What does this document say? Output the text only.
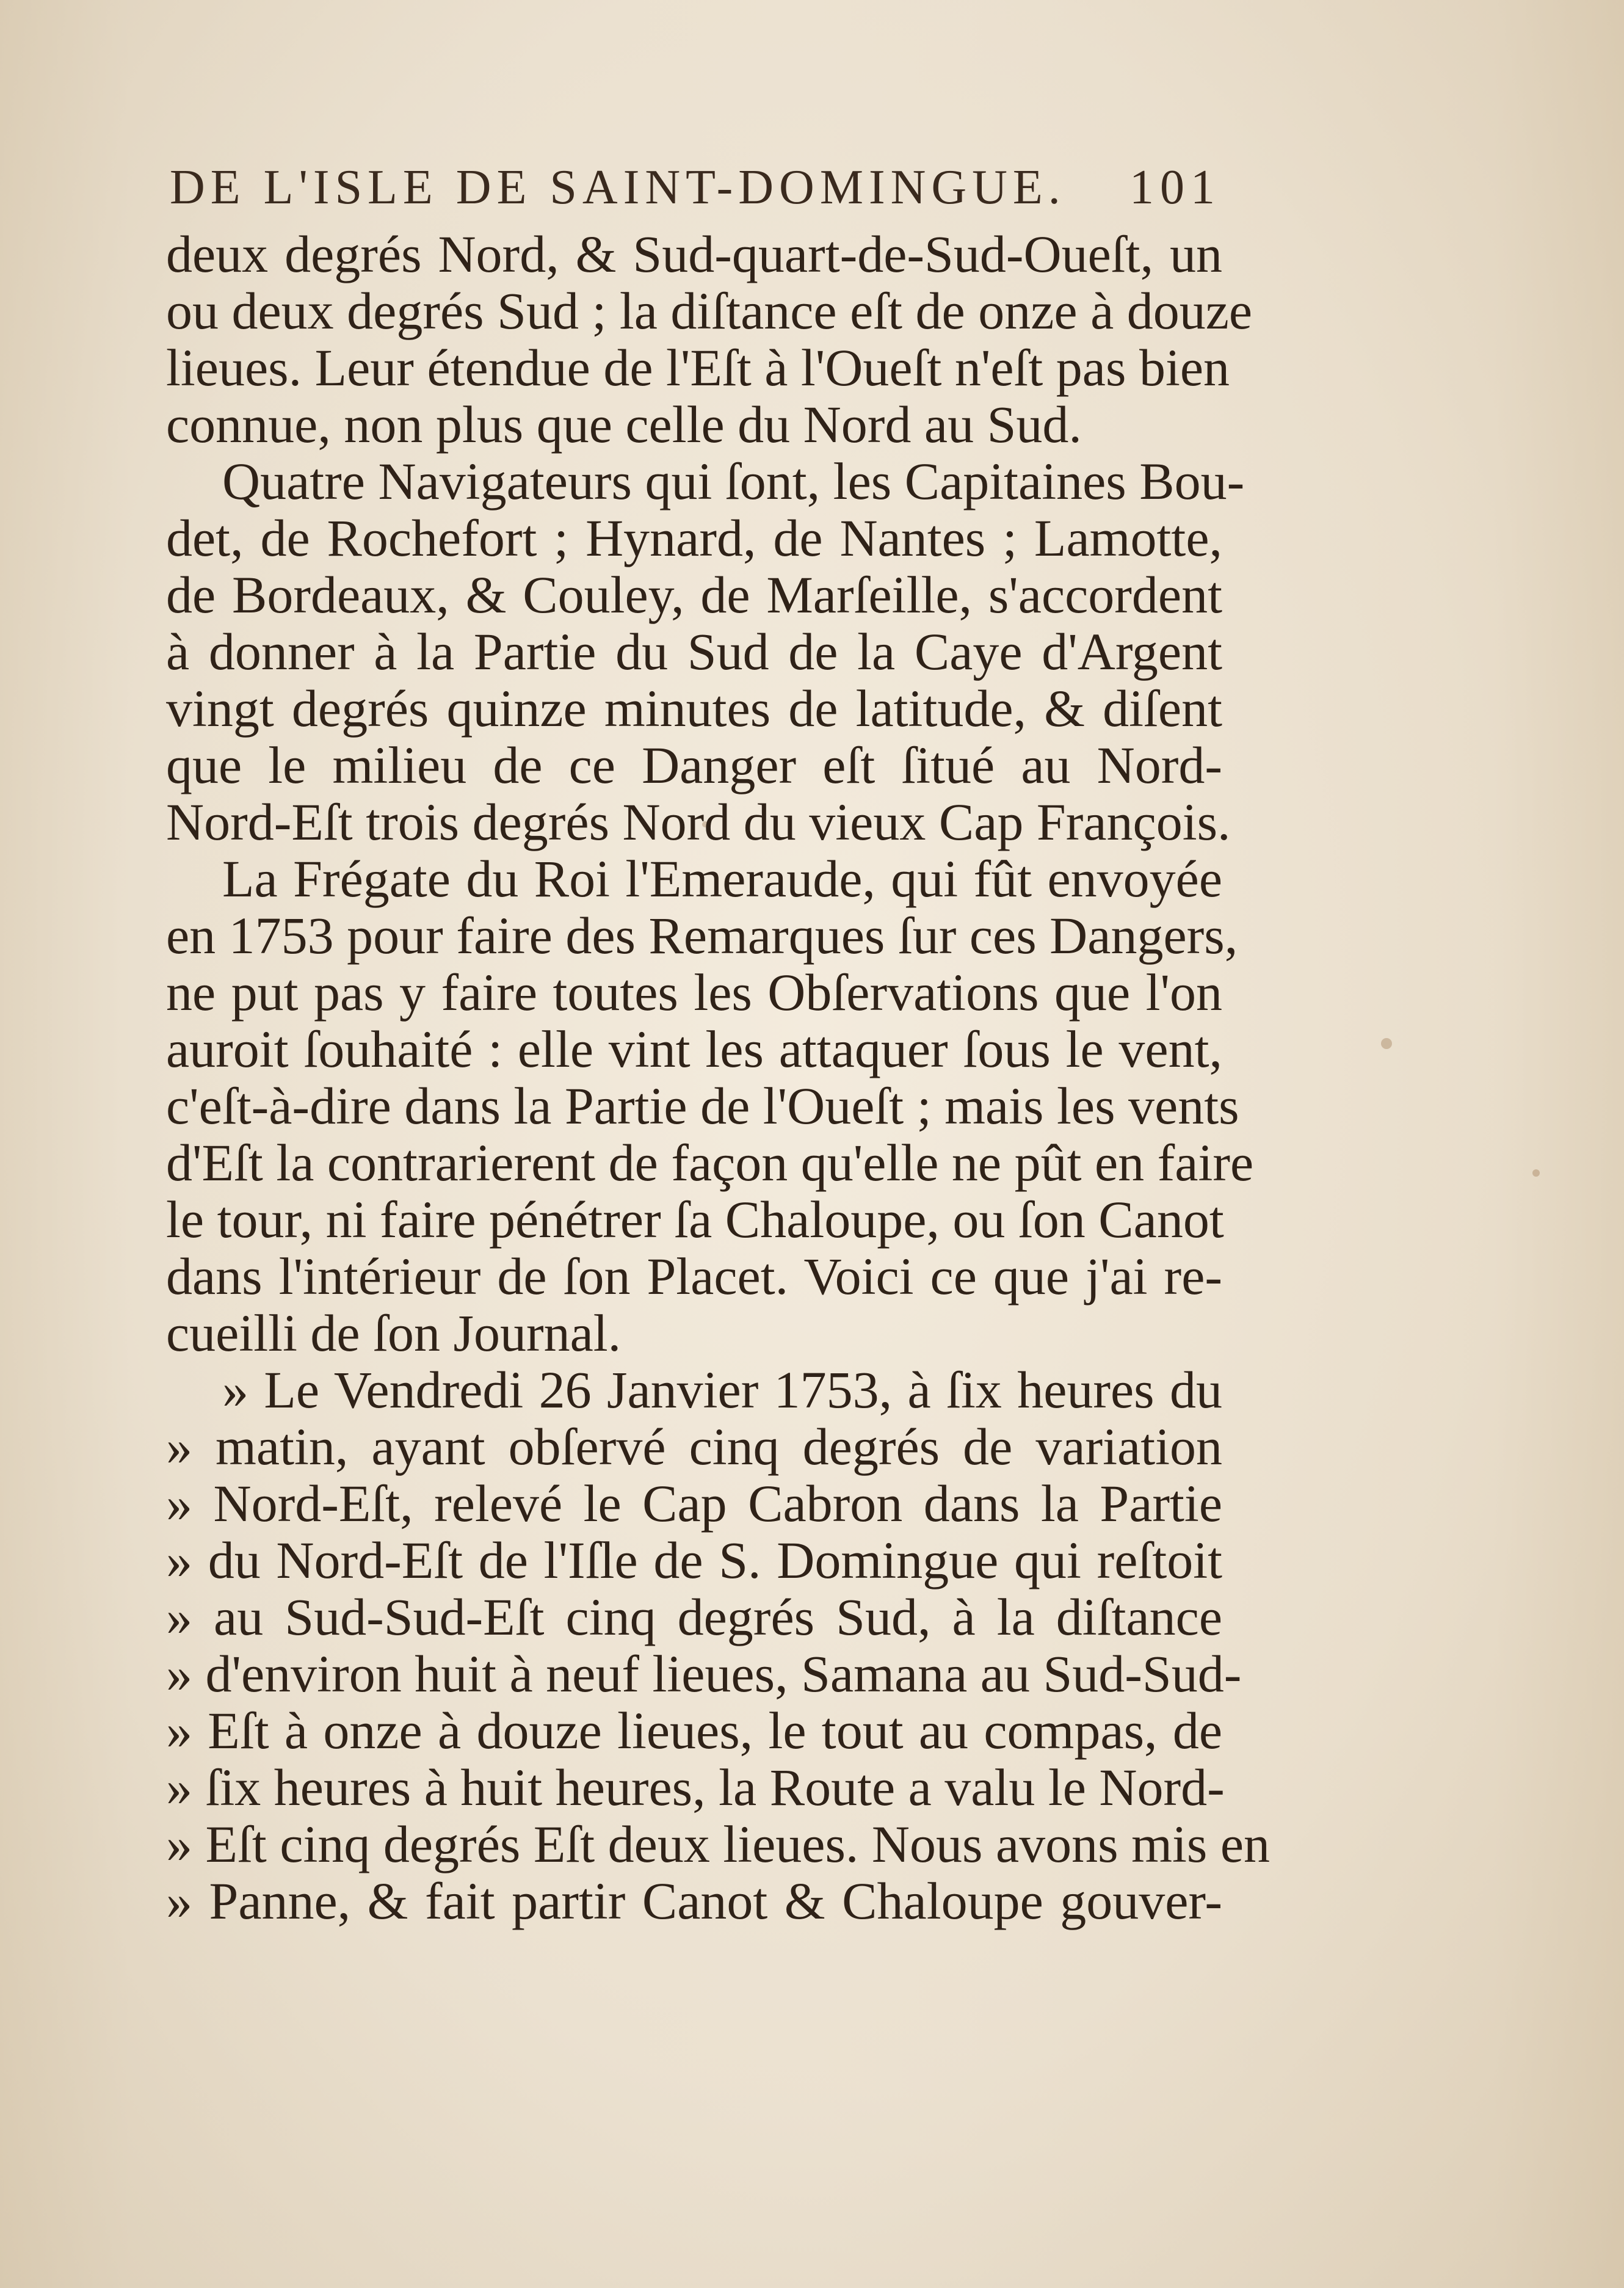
DE L'ISLE DE SAINT-DOMINGUE. 101
deux degrés Nord, & Sud-quart-de-Sud-Oueſt, un
ou deux degrés Sud ; la diſtance eſt de onze à douze
lieues. Leur étendue de l'Eſt à l'Oueſt n'eſt pas bien
connue, non plus que celle du Nord au Sud.
Quatre Navigateurs qui ſont, les Capitaines Bou-
det, de Rochefort ; Hynard, de Nantes ; Lamotte,
de Bordeaux, & Couley, de Marſeille, s'accordent
à donner à la Partie du Sud de la Caye d'Argent
vingt degrés quinze minutes de latitude, & diſent
que le milieu de ce Danger eſt ſitué au Nord-
Nord-Eſt trois degrés Nord du vieux Cap François.
La Frégate du Roi l'Emeraude, qui fût envoyée
en 1753 pour faire des Remarques ſur ces Dangers,
ne put pas y faire toutes les Obſervations que l'on
auroit ſouhaité : elle vint les attaquer ſous le vent,
c'eſt-à-dire dans la Partie de l'Oueſt ; mais les vents
d'Eſt la contrarierent de façon qu'elle ne pût en faire
le tour, ni faire pénétrer ſa Chaloupe, ou ſon Canot
dans l'intérieur de ſon Placet. Voici ce que j'ai re-
cueilli de ſon Journal.
» Le Vendredi 26 Janvier 1753, à ſix heures du
» matin, ayant obſervé cinq degrés de variation
» Nord-Eſt, relevé le Cap Cabron dans la Partie
» du Nord-Eſt de l'Iſle de S. Domingue qui reſtoit
» au Sud-Sud-Eſt cinq degrés Sud, à la diſtance
» d'environ huit à neuf lieues, Samana au Sud-Sud-
» Eſt à onze à douze lieues, le tout au compas, de
» ſix heures à huit heures, la Route a valu le Nord-
» Eſt cinq degrés Eſt deux lieues. Nous avons mis en
» Panne, & fait partir Canot & Chaloupe gouver-
